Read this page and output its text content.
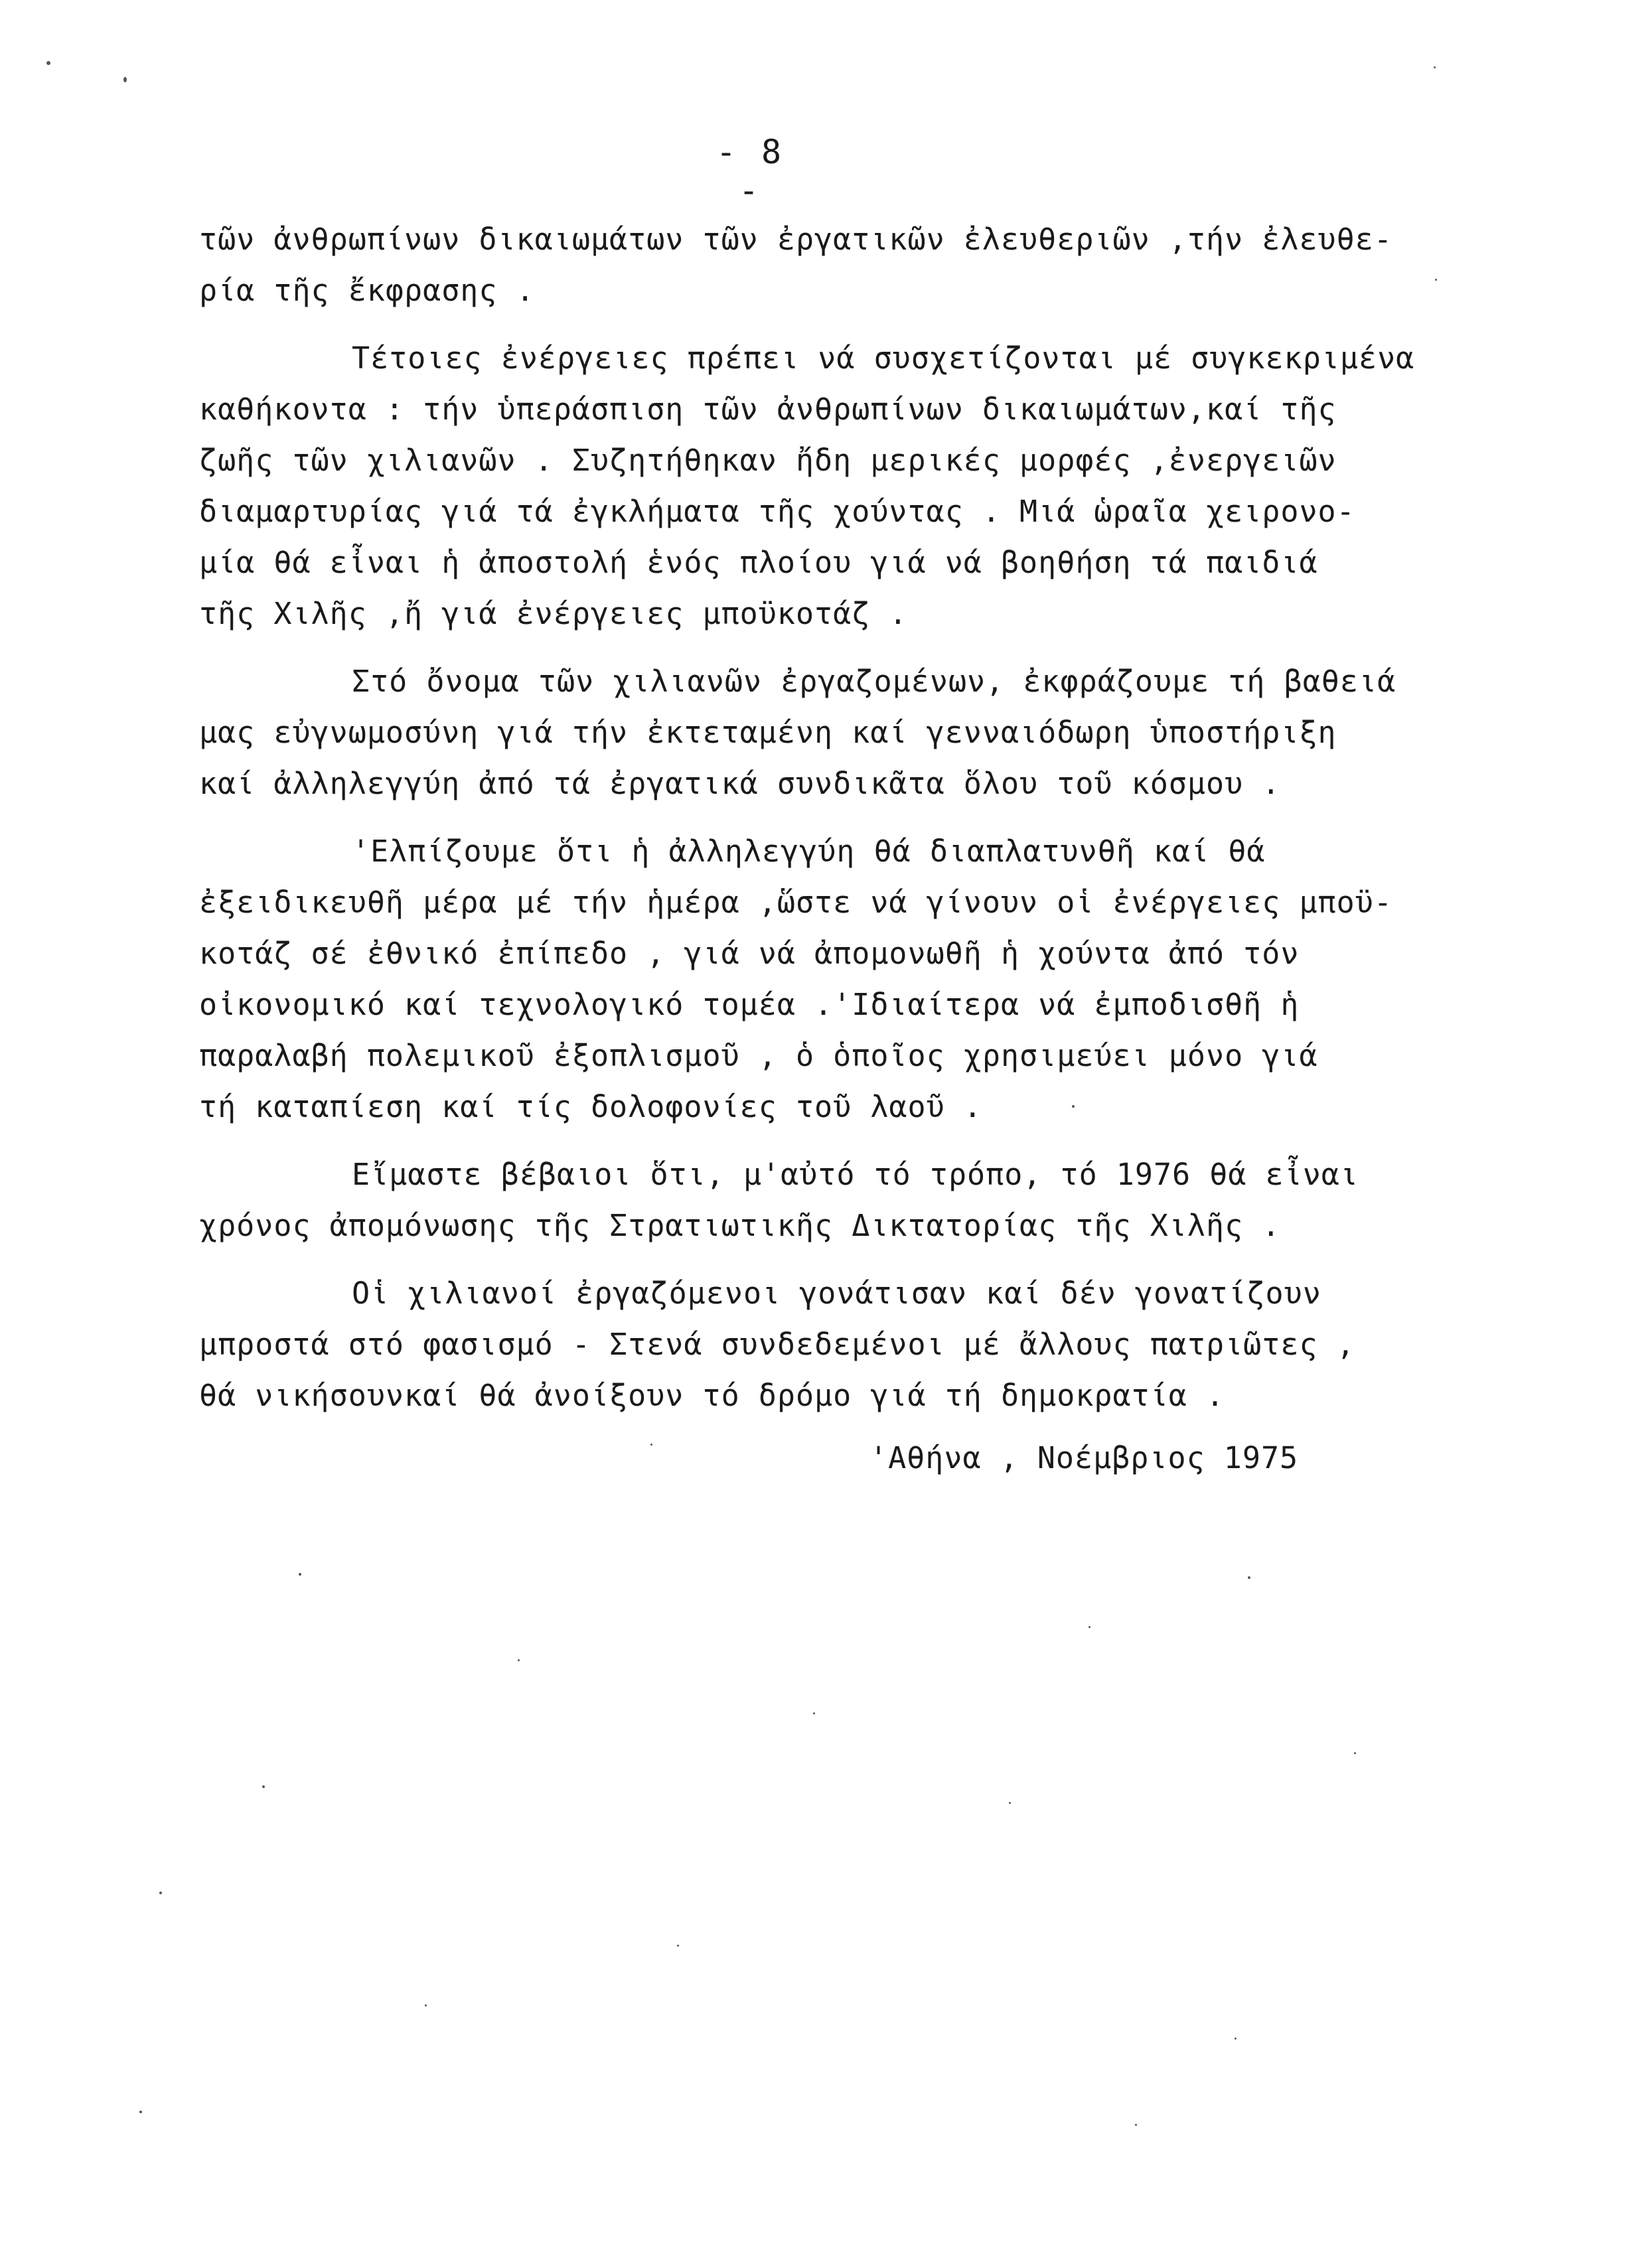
- 8 -

τῶν ἀνθρωπίνων δικαιωμάτων τῶν ἐργατικῶν ἐλευθεριῶν ,τήν ἐλευθε-
ρία τῆς ἔκφρασης .

Τέτοιες ἐνέργειες πρέπει νά συσχετίζονται μέ συγκεκριμένα
καθήκοντα : τήν ὑπεράσπιση τῶν ἀνθρωπίνων δικαιωμάτων,καί τῆς
ζωῆς τῶν χιλιανῶν . Συζητήθηκαν ἤδη μερικές μορφές ,ἐνεργειῶν
διαμαρτυρίας γιά τά ἐγκλήματα τῆς χούντας . Μιά ὡραῖα χειρονο-
μία θά εἶναι ἡ ἀποστολή ἑνός πλοίου γιά νά βοηθήση τά παιδιά
τῆς Χιλῆς ,ἤ γιά ἐνέργειες μποϋκοτάζ .

Στό ὄνομα τῶν χιλιανῶν ἐργαζομένων, ἐκφράζουμε τή βαθειά
μας εὐγνωμοσύνη γιά τήν ἐκτεταμένη καί γενναιόδωρη ὑποστήριξη
καί ἀλληλεγγύη ἀπό τά ἐργατικά συνδικᾶτα ὅλου τοῦ κόσμου .

'Ελπίζουμε ὅτι ἡ ἀλληλεγγύη θά διαπλατυνθῆ καί θά
ἐξειδικευθῆ μέρα μέ τήν ἡμέρα ,ὥστε νά γίνουν οἱ ἐνέργειες μποϋ-
κοτάζ σέ ἐθνικό ἐπίπεδο , γιά νά ἀπομονωθῆ ἡ χούντα ἀπό τόν
οἰκονομικό καί τεχνολογικό τομέα .'Ιδιαίτερα νά ἐμποδισθῆ ἡ
παραλαβή πολεμικοῦ ἐξοπλισμοῦ , ὁ ὁποῖος χρησιμεύει μόνο γιά
τή καταπίεση καί τίς δολοφονίες τοῦ λαοῦ .

Εἴμαστε βέβαιοι ὅτι, μ'αὐτό τό τρόπο, τό 1976 θά εἶναι
χρόνος ἀπομόνωσης τῆς Στρατιωτικῆς Δικτατορίας τῆς Χιλῆς .

Οἱ χιλιανοί ἐργαζόμενοι γονάτισαν καί δέν γονατίζουν
μπροστά στό φασισμό - Στενά συνδεδεμένοι μέ ἄλλους πατριῶτες ,
θά νικήσουνκαί θά ἀνοίξουν τό δρόμο γιά τή δημοκρατία .

'Αθήνα , Νοέμβριος 1975
